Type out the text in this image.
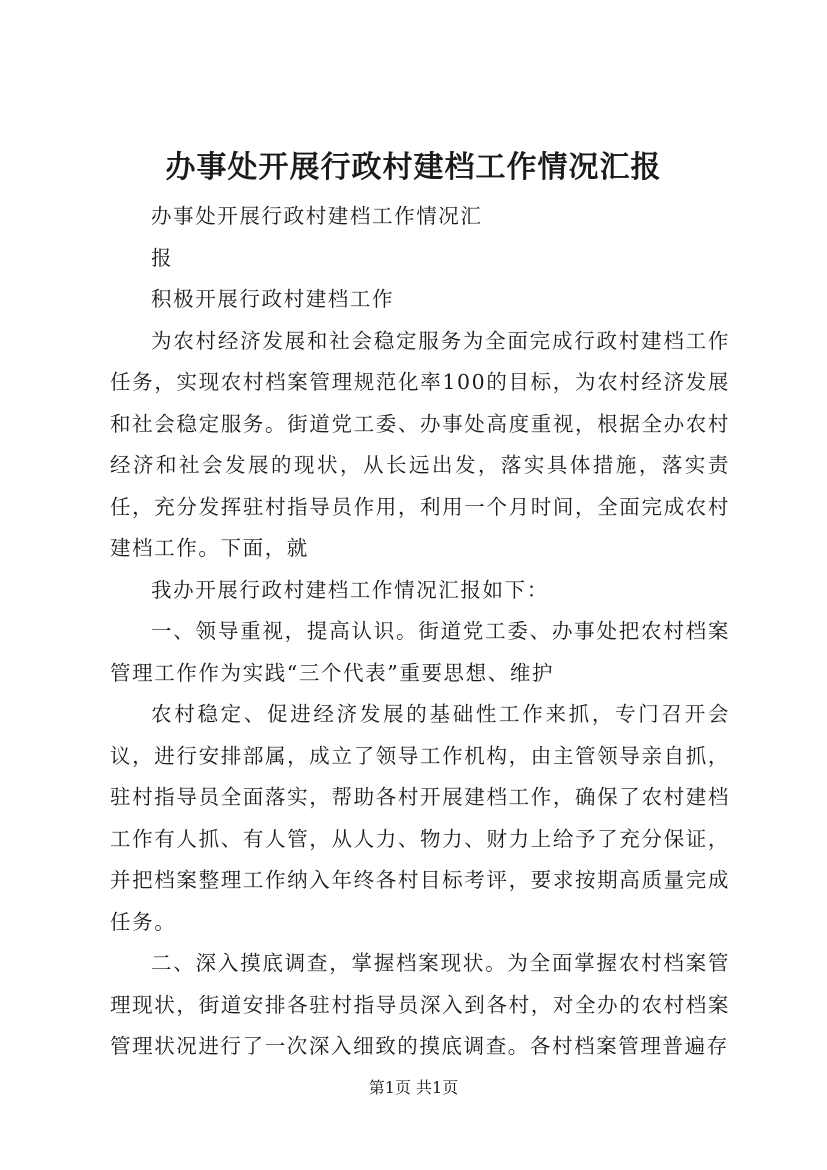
办事处开展行政村建档工作情况汇报

办事处开展行政村建档工作情况汇

报

积极开展行政村建档工作

为农村经济发展和社会稳定服务为全面完成行政村建档工作任务，实现农村档案管理规范化率100的目标，为农村经济发展和社会稳定服务。街道党工委、办事处高度重视，根据全办农村经济和社会发展的现状，从长远出发，落实具体措施，落实责任，充分发挥驻村指导员作用，利用一个月时间，全面完成农村建档工作。下面，就

我办开展行政村建档工作情况汇报如下：

一、领导重视，提高认识。街道党工委、办事处把农村档案管理工作作为实践“三个代表”重要思想、维护

农村稳定、促进经济发展的基础性工作来抓，专门召开会议，进行安排部属，成立了领导工作机构，由主管领导亲自抓，驻村指导员全面落实，帮助各村开展建档工作，确保了农村建档工作有人抓、有人管，从人力、物力、财力上给予了充分保证，并把档案整理工作纳入年终各村目标考评，要求按期高质量完成任务。

二、深入摸底调查，掌握档案现状。为全面掌握农村档案管理现状，街道安排各驻村指导员深入到各村，对全办的农村档案管理状况进行了一次深入细致的摸底调查。各村档案管理普遍存

第1页 共1页
